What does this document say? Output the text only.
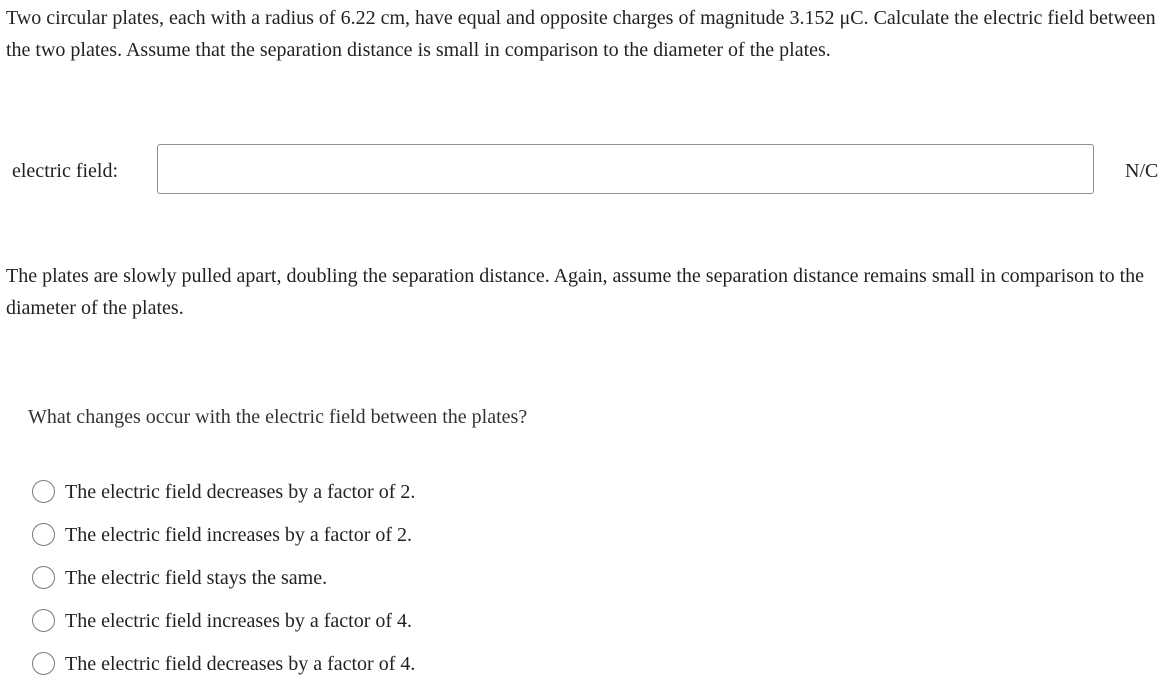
Two circular plates, each with a radius of 6.22 cm, have equal and opposite charges of magnitude 3.152 μC. Calculate the electric field between the two plates. Assume that the separation distance is small in comparison to the diameter of the plates.
electric field:	N/C
The plates are slowly pulled apart, doubling the separation distance. Again, assume the separation distance remains small in comparison to the diameter of the plates.
What changes occur with the electric field between the plates?
The electric field decreases by a factor of 2.
The electric field increases by a factor of 2.
The electric field stays the same.
The electric field increases by a factor of 4.
The electric field decreases by a factor of 4.
